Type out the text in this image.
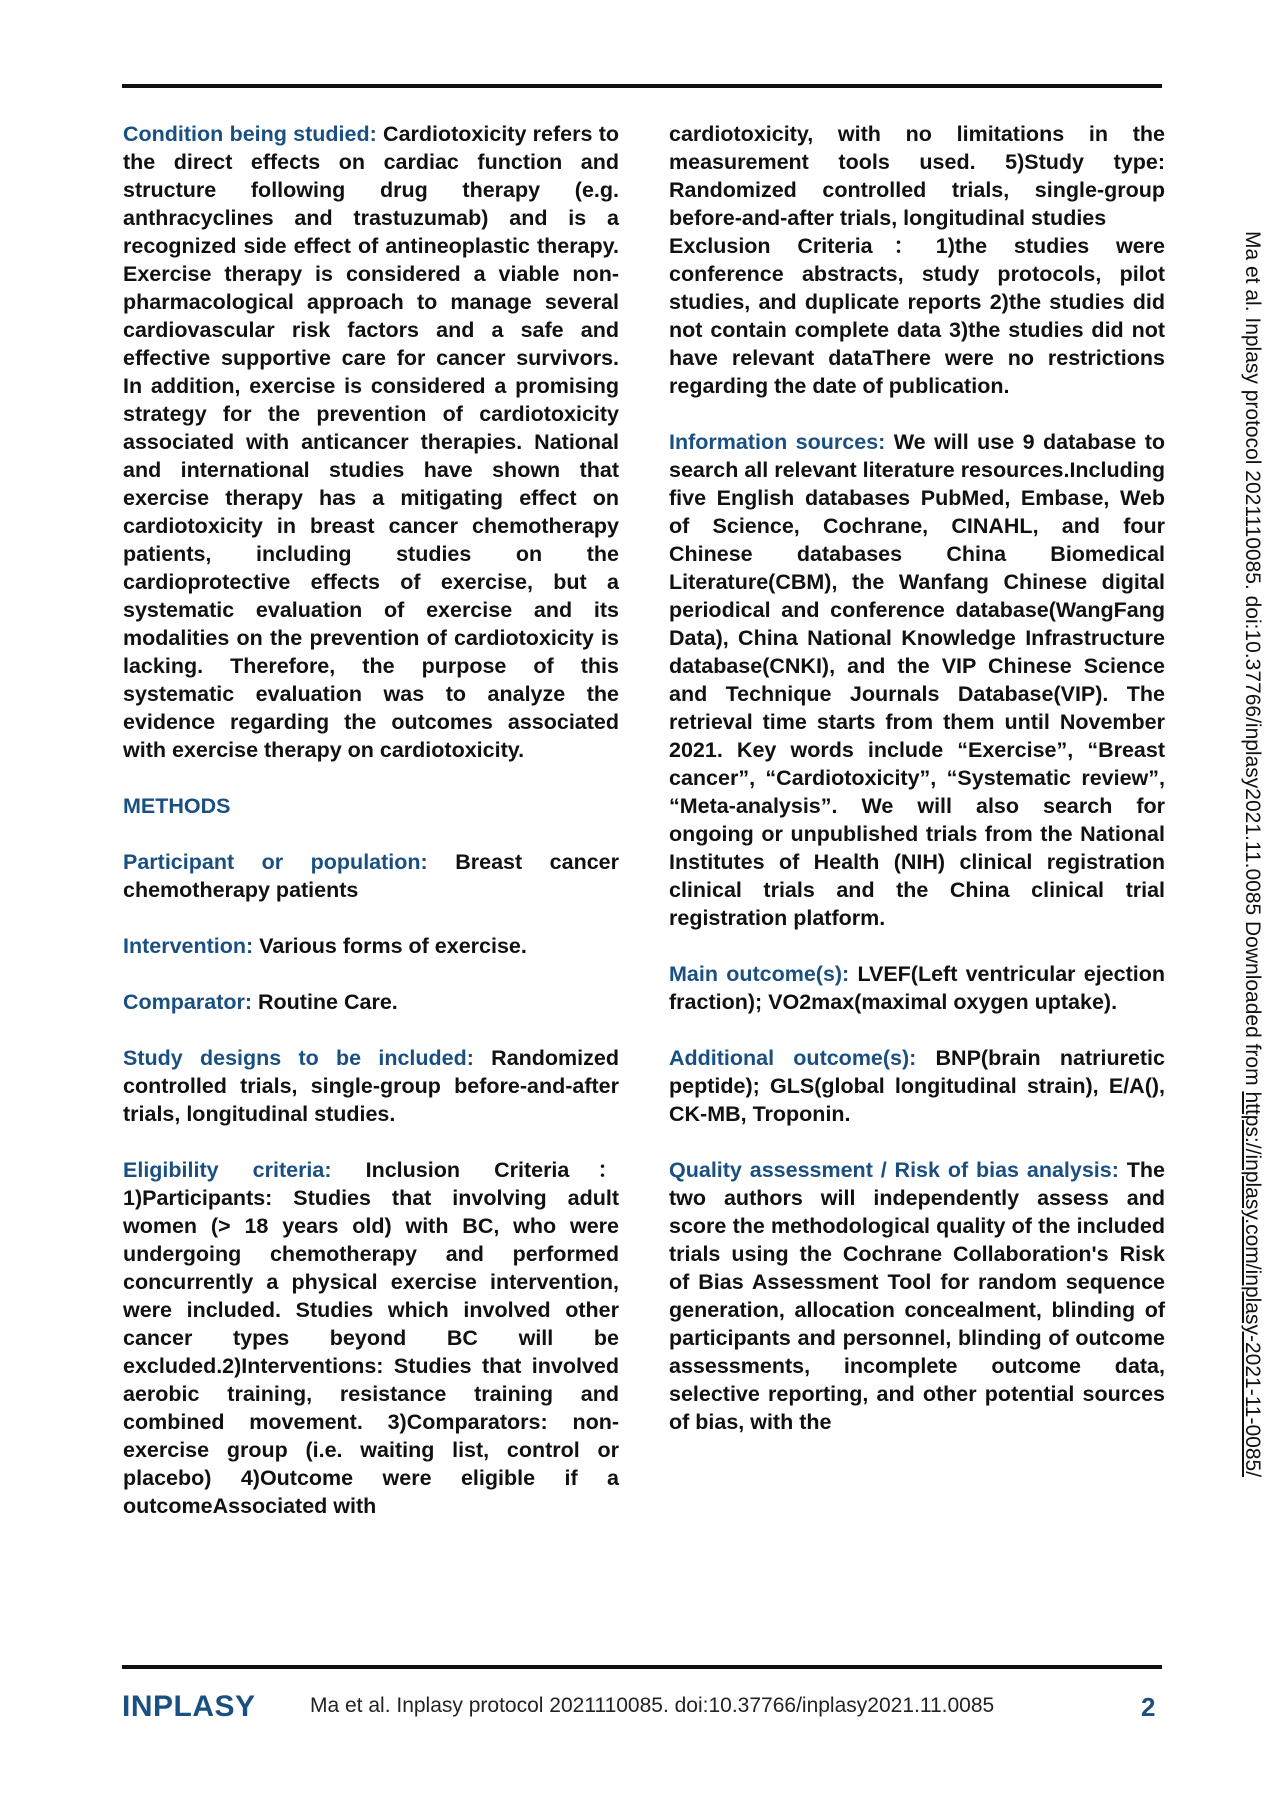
Condition being studied: Cardiotoxicity refers to the direct effects on cardiac function and structure following drug therapy (e.g. anthracyclines and trastuzumab) and is a recognized side effect of antineoplastic therapy. Exercise therapy is considered a viable non-pharmacological approach to manage several cardiovascular risk factors and a safe and effective supportive care for cancer survivors. In addition, exercise is considered a promising strategy for the prevention of cardiotoxicity associated with anticancer therapies. National and international studies have shown that exercise therapy has a mitigating effect on cardiotoxicity in breast cancer chemotherapy patients, including studies on the cardioprotective effects of exercise, but a systematic evaluation of exercise and its modalities on the prevention of cardiotoxicity is lacking. Therefore, the purpose of this systematic evaluation was to analyze the evidence regarding the outcomes associated with exercise therapy on cardiotoxicity.

METHODS

Participant or population: Breast cancer chemotherapy patients

Intervention: Various forms of exercise.

Comparator: Routine Care.

Study designs to be included: Randomized controlled trials, single-group before-and-after trials, longitudinal studies.

Eligibility criteria: Inclusion Criteria： 1)Participants: Studies that involving adult women (> 18 years old) with BC, who were undergoing chemotherapy and performed concurrently a physical exercise intervention, were included. Studies which involved other cancer types beyond BC will be excluded.2)Interventions: Studies that involved aerobic training, resistance training and combined movement. 3)Comparators: non-exercise group (i.e. waiting list, control or placebo) 4)Outcome were eligible if a outcomeAssociated with

cardiotoxicity, with no limitations in the measurement tools used. 5)Study type: Randomized controlled trials, single-group before-and-after trials, longitudinal studies

Exclusion Criteria：1)the studies were conference abstracts, study protocols, pilot studies, and duplicate reports 2)the studies did not contain complete data 3)the studies did not have relevant dataThere were no restrictions regarding the date of publication.

Information sources: We will use 9 database to search all relevant literature resources.Including five English databases PubMed, Embase, Web of Science, Cochrane, CINAHL, and four Chinese databases China Biomedical Literature(CBM), the Wanfang Chinese digital periodical and conference database(WangFang Data), China National Knowledge Infrastructure database(CNKI), and the VIP Chinese Science and Technique Journals Database(VIP). The retrieval time starts from them until November 2021. Key words include “Exercise”, “Breast cancer”, “Cardiotoxicity”, “Systematic review”, “Meta-analysis”. We will also search for ongoing or unpublished trials from the National Institutes of Health (NIH) clinical registration clinical trials and the China clinical trial registration platform.

Main outcome(s): LVEF(Left ventricular ejection fraction); VO2max(maximal oxygen uptake).

Additional outcome(s): BNP(brain natriuretic peptide); GLS(global longitudinal strain), E/A(), CK-MB, Troponin.

Quality assessment / Risk of bias analysis: The two authors will independently assess and score the methodological quality of the included trials using the Cochrane Collaboration's Risk of Bias Assessment Tool for random sequence generation, allocation concealment, blinding of participants and personnel, blinding of outcome assessments, incomplete outcome data, selective reporting, and other potential sources of bias, with the

Ma et al. Inplasy protocol 2021110085. doi:10.37766/inplasy2021.11.0085 Downloaded from https://inplasy.com/inplasy-2021-11-0085/
INPLASY	Ma et al. Inplasy protocol 2021110085. doi:10.37766/inplasy2021.11.0085	2
